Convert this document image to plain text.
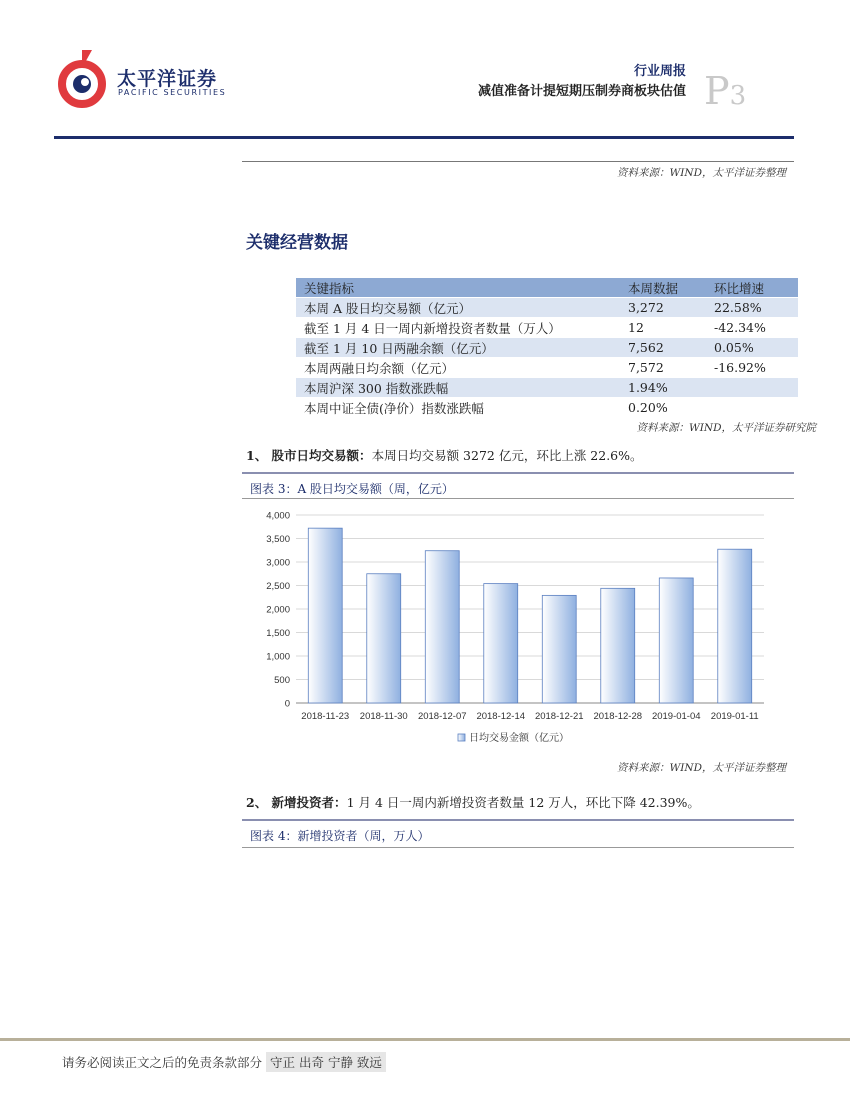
太平洋证券
PACIFIC SECURITIES
行业周报
减值准备计提短期压制券商板块估值 P3
资料来源：WIND，太平洋证券整理
关键经营数据
关键指标	本周数据	环比增速
本周 A 股日均交易额（亿元）	3,272	22.58%
截至 1 月 4 日一周内新增投资者数量（万人）	12	-42.34%
截至 1 月 10 日两融余额（亿元）	7,562	0.05%
本周两融日均余额（亿元）	7,572	-16.92%
本周沪深 300 指数涨跌幅	1.94%	
本周中证全债(净价）指数涨跌幅	0.20%	
资料来源：WIND，太平洋证券研究院
1、 股市日均交易额：本周日均交易额 3272 亿元，环比上涨 22.6%。
图表 3：A 股日均交易额（周，亿元）
0
500
1,000
1,500
2,000
2,500
3,000
3,500
4,000
2018-11-23 2018-11-30 2018-12-07 2018-12-14 2018-12-21 2018-12-28 2019-01-04 2019-01-11
日均交易金额（亿元）
资料来源：WIND，太平洋证券整理
2、 新增投资者：1 月 4 日一周内新增投资者数量 12 万人，环比下降 42.39%。
图表 4：新增投资者（周，万人）
请务必阅读正文之后的免责条款部分 守正 出奇 宁静 致远
